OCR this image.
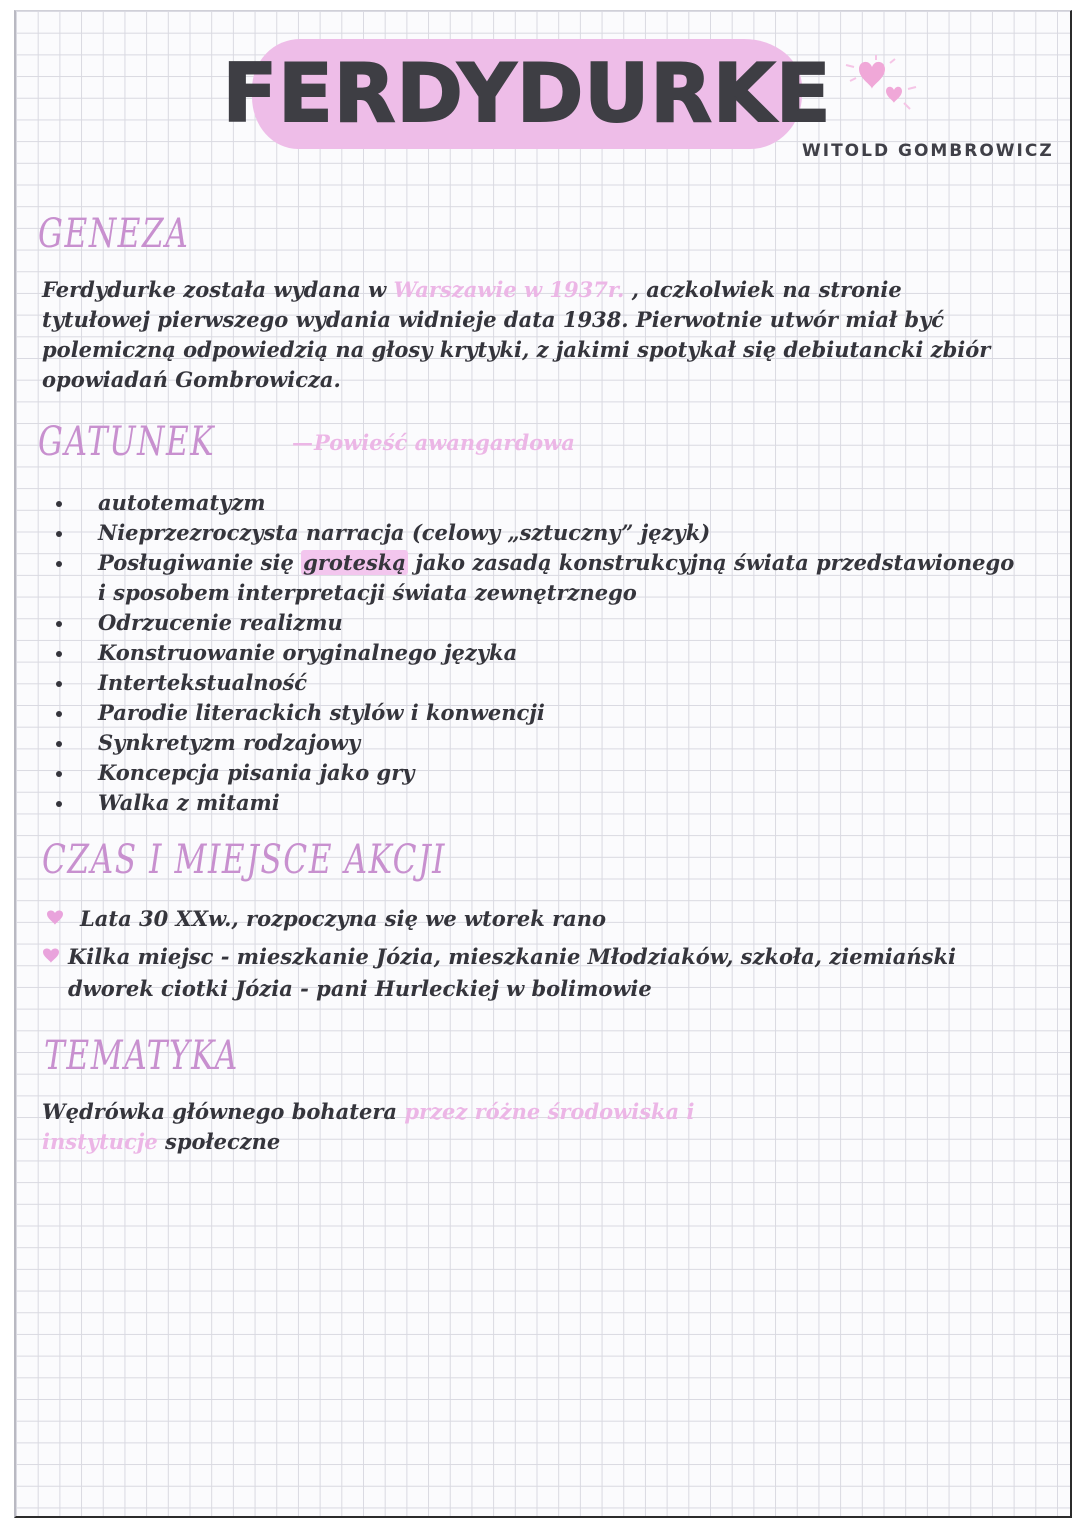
FERDYDURKE
WITOLD GOMBROWICZ
GENEZA
Ferdydurke została wydana w Warszawie w 1937r. , aczkolwiek na stronie
tytułowej pierwszego wydania widnieje data 1938. Pierwotnie utwór miał być
polemiczną odpowiedzią na głosy krytyki, z jakimi spotykał się debiutancki zbiór
opowiadań Gombrowicza.
GATUNEK	— Powieść awangardowa
autotematyzm
Nieprzezroczysta narracja (celowy „sztuczny” język)
Posługiwanie się groteską jako zasadą konstrukcyjną świata przedstawionego
i sposobem interpretacji świata zewnętrznego
Odrzucenie realizmu
Konstruowanie oryginalnego języka
Intertekstualność
Parodie literackich stylów i konwencji
Synkretyzm rodzajowy
Koncepcja pisania jako gry
Walka z mitami
CZAS I MIEJSCE AKCJI
Lata 30 XXw., rozpoczyna się we wtorek rano
Kilka miejsc - mieszkanie Józia, mieszkanie Młodziaków, szkoła, ziemiański
dworek ciotki Józia - pani Hurleckiej w bolimowie
TEMATYKA
Wędrówka głównego bohatera przez różne środowiska i
instytucje społeczne
